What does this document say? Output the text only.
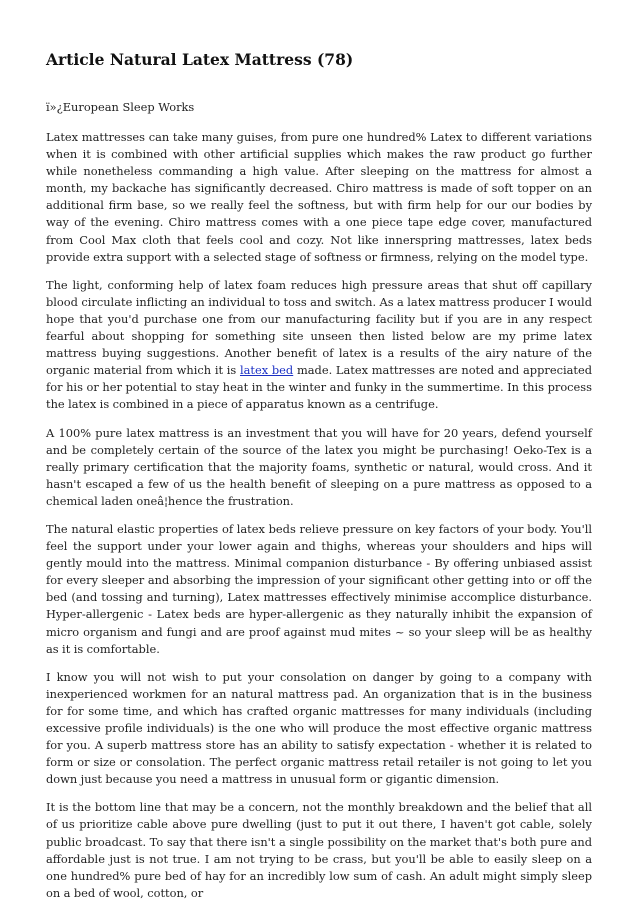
Article Natural Latex Mattress (78)
ï»¿European Sleep Works

Latex mattresses can take many guises, from pure one hundred% Latex to different variations when it is combined with other artificial supplies which makes the raw product go further while nonetheless commanding a high value. After sleeping on the mattress for almost a month, my backache has significantly decreased. Chiro mattress is made of soft topper on an additional firm base, so we really feel the softness, but with firm help for our our bodies by way of the evening. Chiro mattress comes with a one piece tape edge cover, manufactured from Cool Max cloth that feels cool and cozy. Not like innerspring mattresses, latex beds provide extra support with a selected stage of softness or firmness, relying on the model type.

The light, conforming help of latex foam reduces high pressure areas that shut off capillary blood circulate inflicting an individual to toss and switch. As a latex mattress producer I would hope that you'd purchase one from our manufacturing facility but if you are in any respect fearful about shopping for something site unseen then listed below are my prime latex mattress buying suggestions. Another benefit of latex is a results of the airy nature of the organic material from which it is latex bed made. Latex mattresses are noted and appreciated for his or her potential to stay heat in the winter and funky in the summertime. In this process the latex is combined in a piece of apparatus known as a centrifuge.

A 100% pure latex mattress is an investment that you will have for 20 years, defend yourself and be completely certain of the source of the latex you might be purchasing! Oeko-Tex is a really primary certification that the majority foams, synthetic or natural, would cross. And it hasn't escaped a few of us the health benefit of sleeping on a pure mattress as opposed to a chemical laden oneâ¦hence the frustration.

The natural elastic properties of latex beds relieve pressure on key factors of your body. You'll feel the support under your lower again and thighs, whereas your shoulders and hips will gently mould into the mattress. Minimal companion disturbance - By offering unbiased assist for every sleeper and absorbing the impression of your significant other getting into or off the bed (and tossing and turning), Latex mattresses effectively minimise accomplice disturbance. Hyper-allergenic - Latex beds are hyper-allergenic as they naturally inhibit the expansion of micro organism and fungi and are proof against mud mites ~ so your sleep will be as healthy as it is comfortable.

I know you will not wish to put your consolation on danger by going to a company with inexperienced workmen for an natural mattress pad. An organization that is in the business for for some time, and which has crafted organic mattresses for many individuals (including excessive profile individuals) is the one who will produce the most effective organic mattress for you. A superb mattress store has an ability to satisfy expectation - whether it is related to form or size or consolation. The perfect organic mattress retail retailer is not going to let you down just because you need a mattress in unusual form or gigantic dimension.

It is the bottom line that may be a concern, not the monthly breakdown and the belief that all of us prioritize cable above pure dwelling (just to put it out there, I haven't got cable, solely public broadcast. To say that there isn't a single possibility on the market that's both pure and affordable just is not true. I am not trying to be crass, but you'll be able to easily sleep on a one hundred% pure bed of hay for an incredibly low sum of cash. An adult might simply sleep on a bed of wool, cotton, or
